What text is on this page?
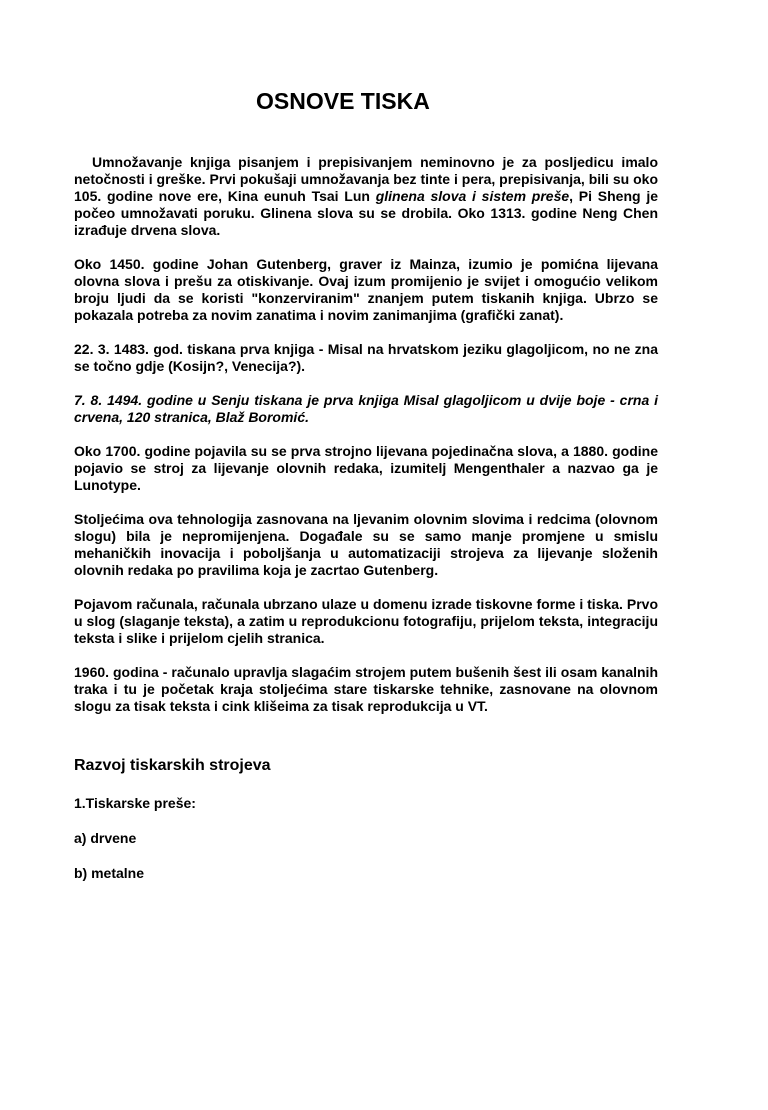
OSNOVE TISKA

Umnožavanje knjiga pisanjem i prepisivanjem neminovno je za posljedicu imalo netočnosti i greške. Prvi pokušaji umnožavanja bez tinte i pera, prepisivanja, bili su oko 105. godine nove ere, Kina eunuh Tsai Lun glinena slova i sistem preše, Pi Sheng je počeo umnožavati poruku. Glinena slova su se drobila. Oko 1313. godine Neng Chen izrađuje drvena slova.

Oko 1450. godine Johan Gutenberg, graver iz Mainza, izumio je pomićna lijevana olovna slova i prešu za otiskivanje. Ovaj izum promijenio je svijet i omogućio velikom broju ljudi da se koristi "konzerviranim" znanjem putem tiskanih knjiga. Ubrzo se pokazala potreba za novim zanatima i novim zanimanjima (grafički zanat).

22. 3. 1483. god. tiskana prva knjiga - Misal na hrvatskom jeziku glagoljicom, no ne zna se točno gdje (Kosijn?, Venecija?).

7. 8. 1494. godine u Senju tiskana je prva knjiga Misal glagoljicom u dvije boje - crna i crvena, 120 stranica, Blaž Boromić.

Oko 1700. godine pojavila su se prva strojno lijevana pojedinačna slova, a 1880. godine pojavio se stroj za lijevanje olovnih redaka, izumitelj Mengenthaler a nazvao ga je Lunotype.

Stoljećima ova tehnologija zasnovana na ljevanim olovnim slovima i redcima (olovnom slogu) bila je nepromijenjena. Događale su se samo manje promjene u smislu mehaničkih inovacija i poboljšanja u automatizaciji strojeva za lijevanje složenih olovnih redaka po pravilima koja je zacrtao Gutenberg.

Pojavom računala, računala ubrzano ulaze u domenu izrade tiskovne forme i tiska. Prvo u slog (slaganje teksta), a zatim u reprodukcionu fotografiju, prijelom teksta, integraciju teksta i slike i prijelom cjelih stranica.

1960. godina - računalo upravlja slagaćim strojem putem bušenih šest ili osam kanalnih traka i tu je početak kraja stoljećima stare tiskarske tehnike, zasnovane na olovnom slogu za tisak teksta i cink klišeima za tisak reprodukcija u VT.

Razvoj tiskarskih strojeva

1.Tiskarske preše:

a) drvene

b) metalne
